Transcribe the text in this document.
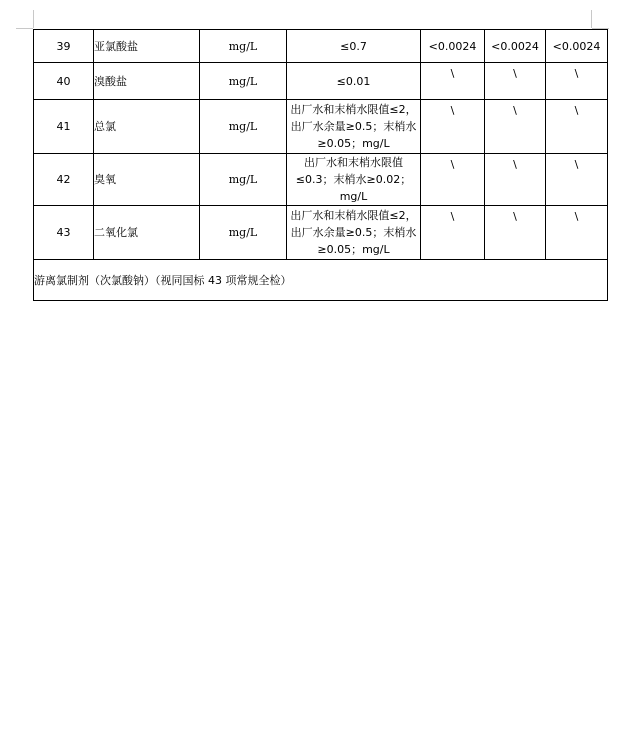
39	亚氯酸盐	mg/L	≤0.7	<0.0024	<0.0024	<0.0024
40	溴酸盐	mg/L	≤0.01	\	\	\
41	总氯	mg/L	出厂水和末梢水限值≤2，出厂水余量≥0.5；末梢水≥0.05；mg/L	\	\	\
42	臭氧	mg/L	出厂水和末梢水限值≤0.3；末梢水≥0.02；mg/L	\	\	\
43	二氧化氯	mg/L	出厂水和末梢水限值≤2，出厂水余量≥0.5；末梢水≥0.05；mg/L	\	\	\
游离氯制剂（次氯酸钠）（视同国标 43 项常规全检）						
